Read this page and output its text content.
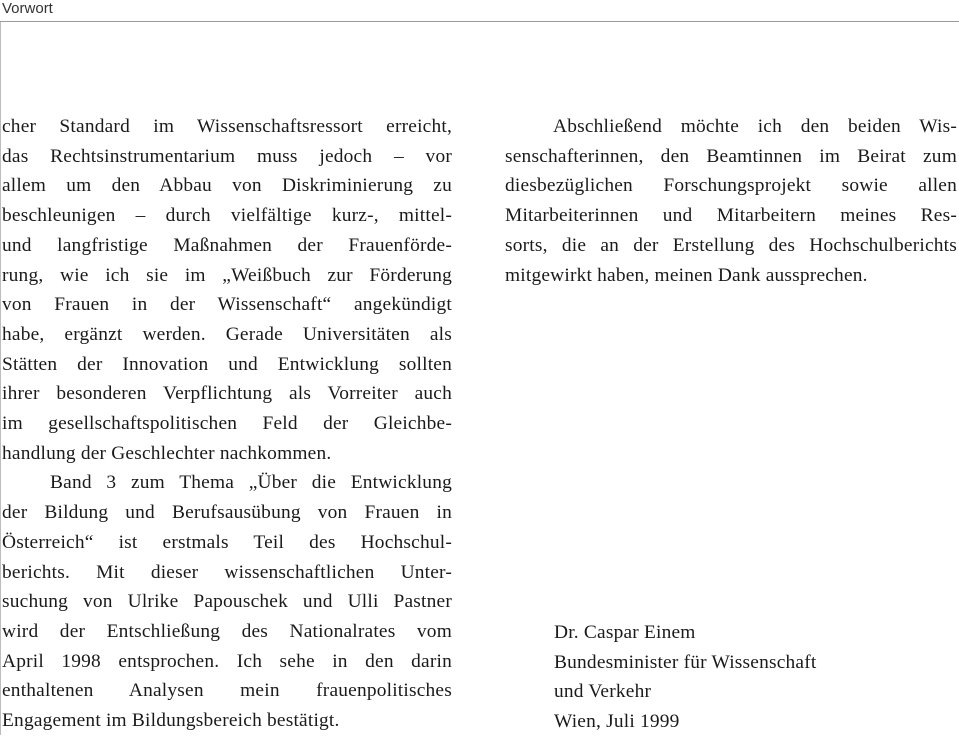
Vorwort
cher Standard im Wissenschaftsressort erreicht,
das Rechtsinstrumentarium muss jedoch – vor
allem um den Abbau von Diskriminierung zu
beschleunigen – durch vielfältige kurz-, mittel-
und langfristige Maßnahmen der Frauenförde-
rung, wie ich sie im „Weißbuch zur Förderung
von Frauen in der Wissenschaft“ angekündigt
habe, ergänzt werden. Gerade Universitäten als
Stätten der Innovation und Entwicklung sollten
ihrer besonderen Verpflichtung als Vorreiter auch
im gesellschaftspolitischen Feld der Gleichbe-
handlung der Geschlechter nachkommen.
Band 3 zum Thema „Über die Entwicklung
der Bildung und Berufsausübung von Frauen in
Österreich“ ist erstmals Teil des Hochschul-
berichts. Mit dieser wissenschaftlichen Unter-
suchung von Ulrike Papouschek und Ulli Pastner
wird der Entschließung des Nationalrates vom
April 1998 entsprochen. Ich sehe in den darin
enthaltenen Analysen mein frauenpolitisches
Engagement im Bildungsbereich bestätigt.
Abschließend möchte ich den beiden Wis-
senschafterinnen, den Beamtinnen im Beirat zum
diesbezüglichen Forschungsprojekt sowie allen
Mitarbeiterinnen und Mitarbeitern meines Res-
sorts, die an der Erstellung des Hochschulberichts
mitgewirkt haben, meinen Dank aussprechen.
Dr. Caspar Einem
Bundesminister für Wissenschaft
und Verkehr
Wien, Juli 1999
